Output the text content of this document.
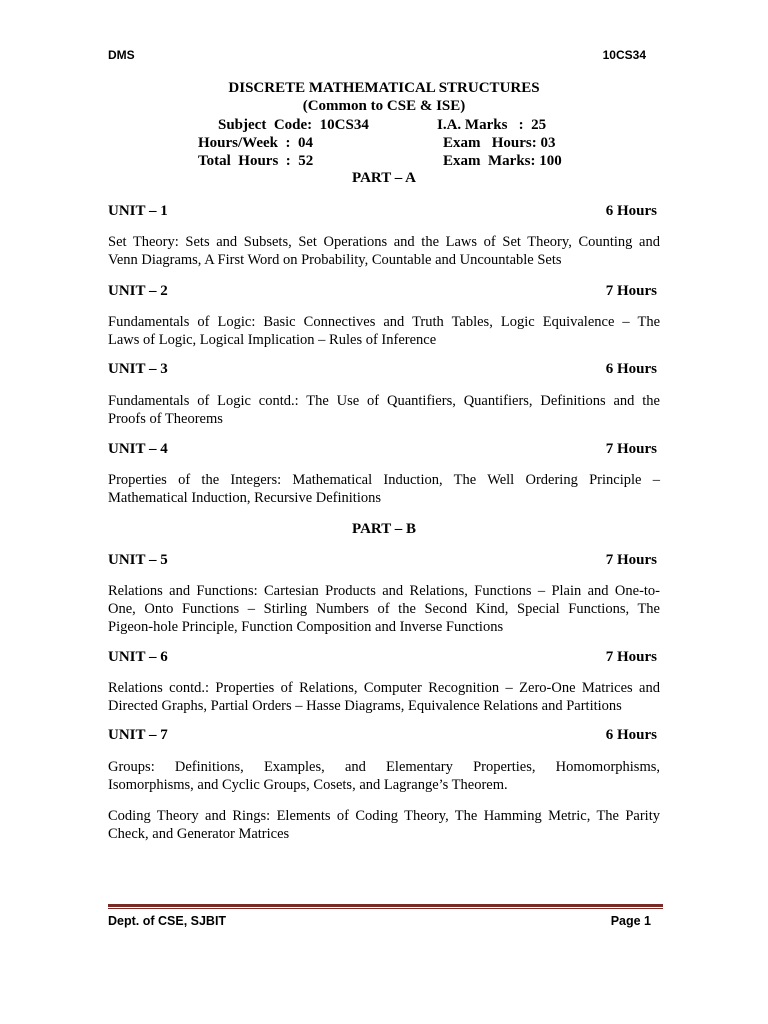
DMS	10CS34
DISCRETE MATHEMATICAL STRUCTURES
(Common to CSE & ISE)
Subject  Code:  10CS34	I.A. Marks   :  25
Hours/Week  :  04	Exam   Hours: 03
Total  Hours  :  52	Exam  Marks: 100
PART – A
UNIT – 1	6 Hours
Set Theory: Sets and Subsets, Set Operations and the Laws of Set Theory, Counting and
Venn Diagrams, A First Word on Probability, Countable and Uncountable Sets
UNIT – 2	7 Hours
Fundamentals of Logic: Basic Connectives and Truth Tables, Logic Equivalence – The
Laws of Logic, Logical Implication – Rules of Inference
UNIT – 3	6 Hours
Fundamentals of Logic contd.: The Use of Quantifiers, Quantifiers, Definitions and the
Proofs of Theorems
UNIT – 4	7 Hours
Properties of the Integers: Mathematical Induction, The Well Ordering Principle –
Mathematical Induction, Recursive Definitions
PART – B
UNIT – 5	7 Hours
Relations and Functions: Cartesian Products and Relations, Functions – Plain and One-to-
One, Onto Functions – Stirling Numbers of the Second Kind, Special Functions, The
Pigeon-hole Principle, Function Composition and Inverse Functions
UNIT – 6	7 Hours
Relations contd.: Properties of Relations, Computer Recognition – Zero-One Matrices and
Directed Graphs, Partial Orders – Hasse Diagrams, Equivalence Relations and Partitions
UNIT – 7	6 Hours
Groups: Definitions, Examples, and Elementary Properties, Homomorphisms,
Isomorphisms, and Cyclic Groups, Cosets, and Lagrange’s Theorem.
Coding Theory and Rings: Elements of Coding Theory, The Hamming Metric, The Parity
Check, and Generator Matrices
Dept. of CSE, SJBIT	Page 1
